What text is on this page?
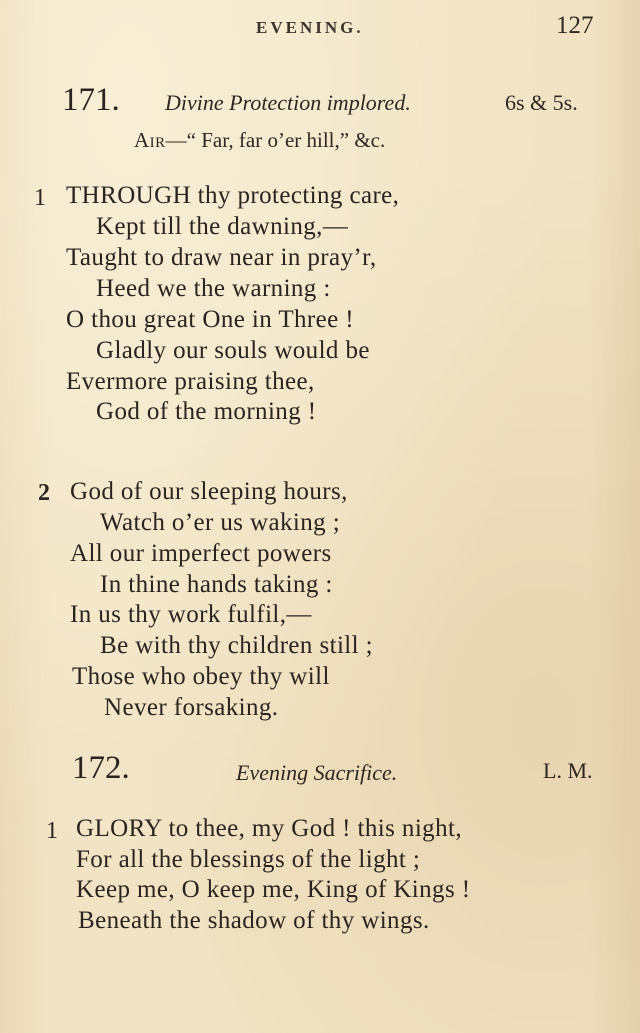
EVENING.	127
171. Divine Protection implored.	6s & 5s.
Air—“ Far, far o’er hill,” &c.
1 THROUGH thy protecting care,
Kept till the dawning,—
Taught to draw near in pray’r,
Heed we the warning :
O thou great One in Three !
Gladly our souls would be
Evermore praising thee,
God of the morning !
2 God of our sleeping hours,
Watch o’er us waking ;
All our imperfect powers
In thine hands taking :
In us thy work fulfil,—
Be with thy children still ;
Those who obey thy will
Never forsaking.
172.	Evening Sacrifice.	L. M.
1 GLORY to thee, my God ! this night,
For all the blessings of the light ;
Keep me, O keep me, King of Kings !
Beneath the shadow of thy wings.
